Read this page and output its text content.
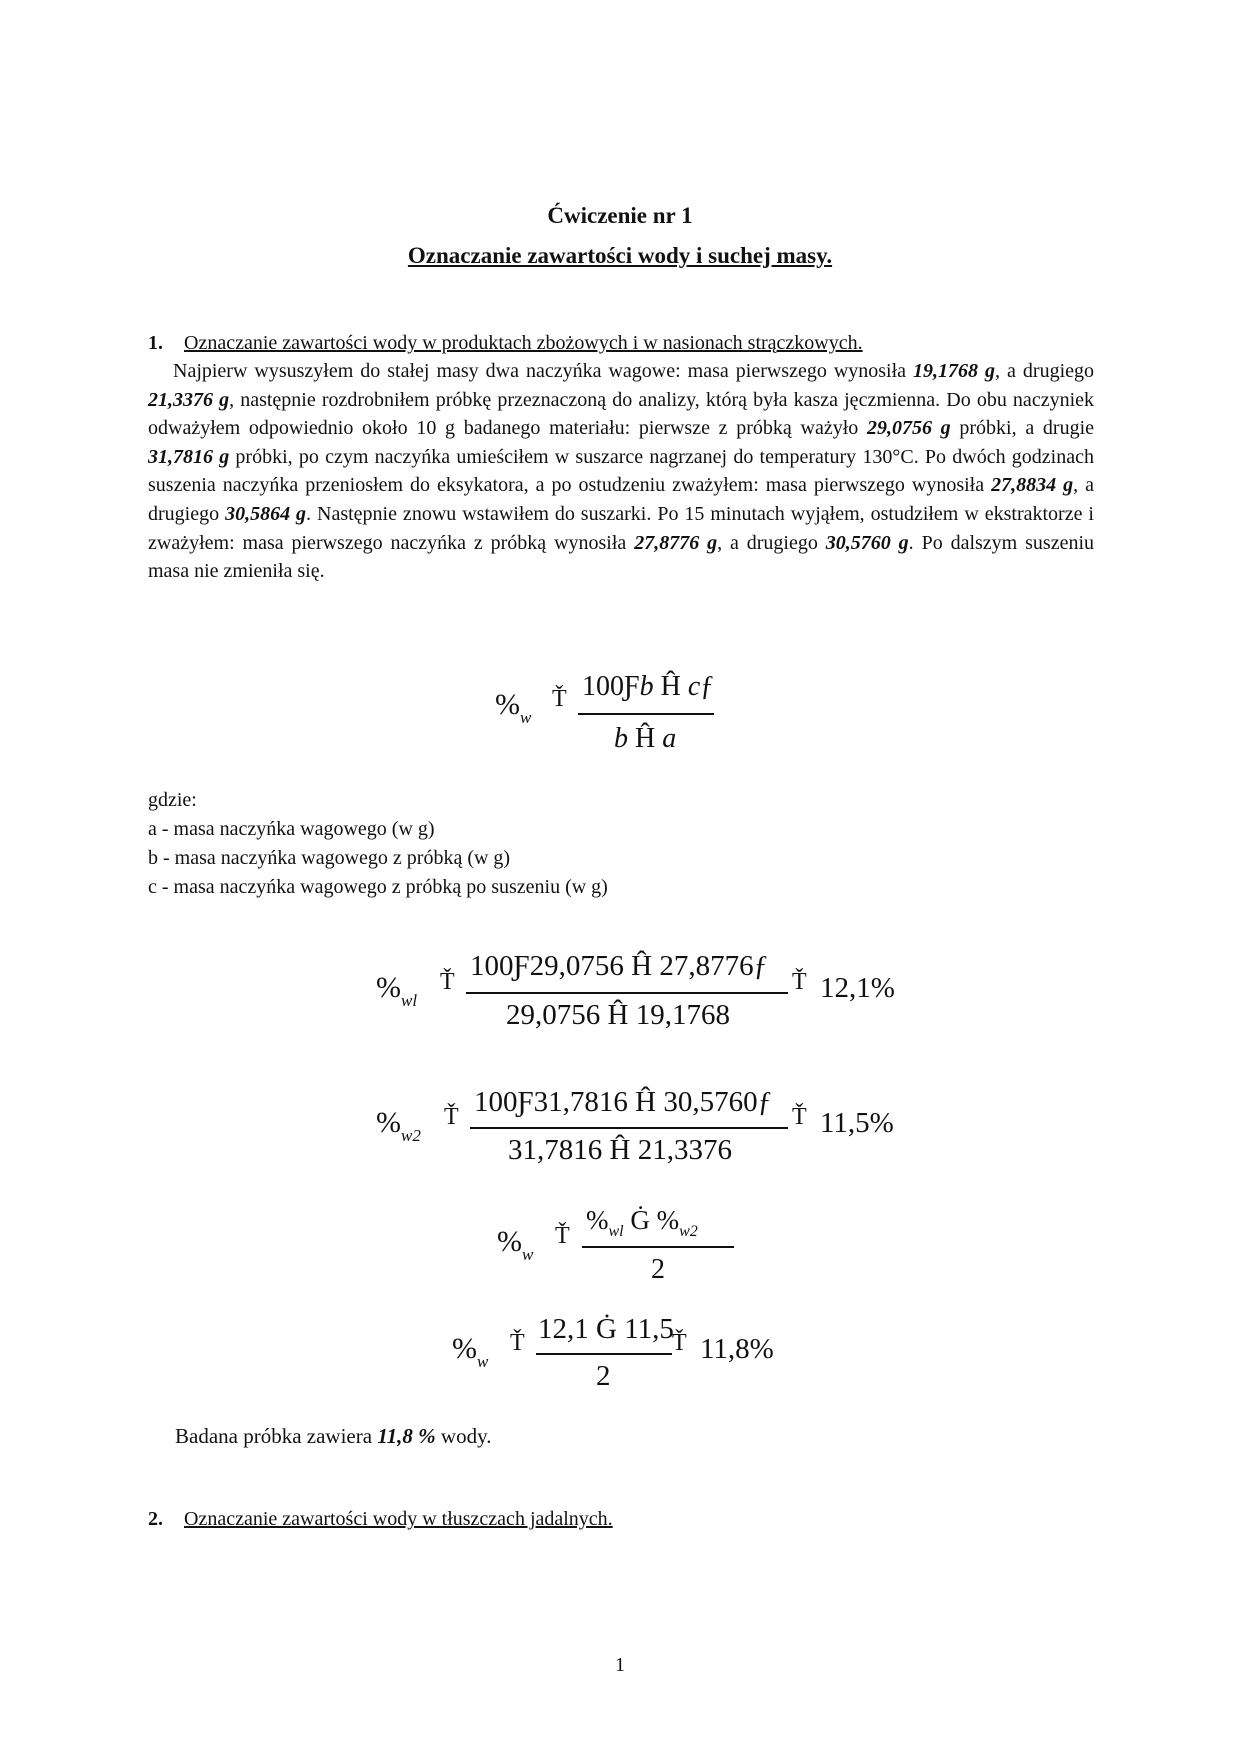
Ćwiczenie nr 1
Oznaczanie zawartości wody i suchej masy.
1. Oznaczanie zawartości wody w produktach zbożowych i w nasionach strączkowych.
Najpierw wysuszyłem do stałej masy dwa naczyńka wagowe: masa pierwszego wynosiła 19,1768 g, a drugiego 21,3376 g, następnie rozdrobniłem próbkę przeznaczoną do analizy, którą była kasza jęczmienna. Do obu naczyniek odważyłem odpowiednio około 10 g badanego materiału: pierwsze z próbką ważyło 29,0756 g próbki, a drugie 31,7816 g próbki, po czym naczyńka umieściłem w suszarce nagrzanej do temperatury 130°C. Po dwóch godzinach suszenia naczyńka przeniosłem do eksykatora, a po ostudzeniu zważyłem: masa pierwszego wynosiła 27,8834 g, a drugiego 30,5864 g. Następnie znowu wstawiłem do suszarki. Po 15 minutach wyjąłem, ostudziłem w ekstraktorze i zważyłem: masa pierwszego naczyńka z próbką wynosiła 27,8776 g, a drugiego 30,5760 g. Po dalszym suszeniu masa nie zmieniła się.
$\%_w$
Ť 100Ƒb Ĥ cƒ
b Ĥ a
gdzie:
a - masa naczyńka wagowego (w g)
b - masa naczyńka wagowego z próbką (w g)
c - masa naczyńka wagowego z próbką po suszeniu (w g)
$\%_{wl}$
Ť 100Ƒ29,0756 Ĥ 27,8776ƒ
29,0756 Ĥ 19,1768
Ť 12,1%
$\%_{w2}$
Ť 100Ƒ31,7816 Ĥ 30,5760ƒ
31,7816 Ĥ 21,3376
Ť 11,5%
$\%_w$
Ť
$\%_{wl}$ Ġ $\%_{w2}$
2
$\%_w$
Ť 12,1 Ġ 11,5
2
Ť 11,8%
Badana próbka zawiera 11,8 % wody.
2. Oznaczanie zawartości wody w tłuszczach jadalnych.
1
